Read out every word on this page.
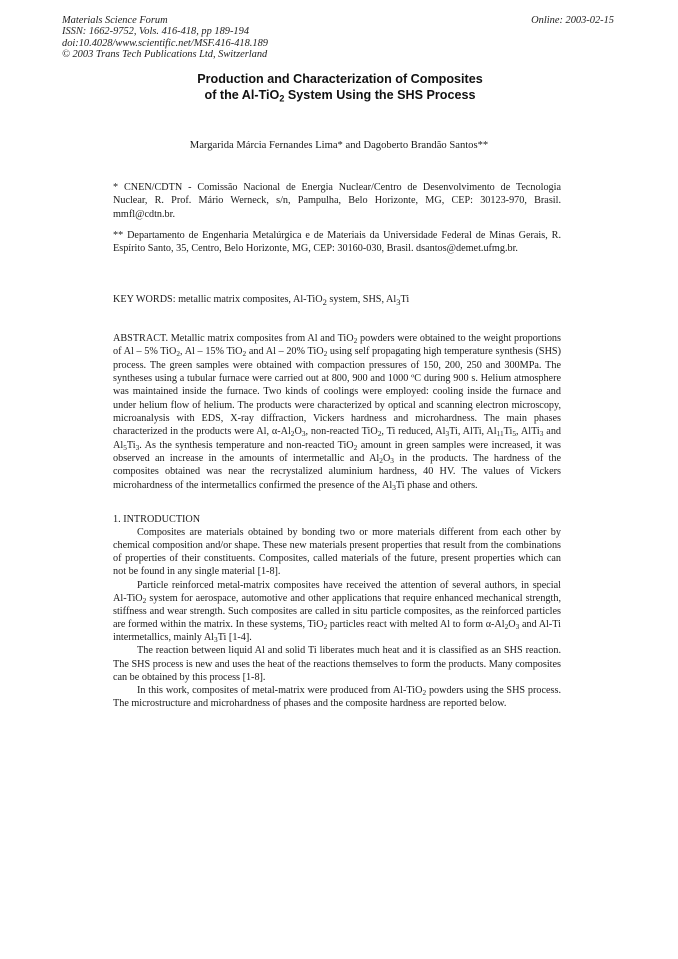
Materials Science Forum
ISSN: 1662-9752, Vols. 416-418, pp 189-194
doi:10.4028/www.scientific.net/MSF.416-418.189
© 2003 Trans Tech Publications Ltd, Switzerland
Online: 2003-02-15
Production and Characterization of Composites
of the Al-TiO$_2$ System Using the SHS Process
Margarida Márcia Fernandes Lima* and Dagoberto Brandão Santos**
* CNEN/CDTN - Comissão Nacional de Energia Nuclear/Centro de Desenvolvimento de Tecnologia Nuclear, R. Prof. Mário Werneck, s/n, Pampulha, Belo Horizonte, MG, CEP: 30123-970, Brasil. mmfl@cdtn.br.
** Departamento de Engenharia Metalúrgica e de Materiais da Universidade Federal de Minas Gerais, R. Espírito Santo, 35, Centro, Belo Horizonte, MG, CEP: 30160-030, Brasil. dsantos@demet.ufmg.br.
KEY WORDS: metallic matrix composites, Al-TiO$_2$ system, SHS, $Al_3Ti$

ABSTRACT. Metallic matrix composites from Al and TiO$_2$ powders were obtained to the weight proportions of Al – 5% TiO$_2$, Al – 15% TiO$_2$ and Al – 20% TiO$_2$ using self propagating high temperature synthesis (SHS) process. The green samples were obtained with compaction pressures of 150, 200, 250 and 300MPa. The syntheses using a tubular furnace were carried out at 800, 900 and 1000 ºC during 900 s. Helium atmosphere was maintained inside the furnace. Two kinds of coolings were employed: cooling inside the furnace and under helium flow of helium. The products were characterized by optical and scanning electron microscopy, microanalysis with EDS, X-ray diffraction, Vickers hardness and microhardness. The main phases characterized in the products were Al, $\alpha-Al_2O_3$, non-reacted TiO$_2$, Ti reduced, $Al_3Ti$, AlTi, $Al_{11}Ti_5$, AlTi$_3$ and $Al_5Ti_3$. As the synthesis temperature and non-reacted TiO$_2$ amount in green samples were increased, it was observed an increase in the amounts of intermetallic and $Al_2O_3$ in the products. The hardness of the composites obtained was near the recrystalized aluminium hardness, 40 HV. The values of Vickers microhardness of the intermetallics confirmed the presence of the $Al_3Ti$ phase and others.

1. INTRODUCTION

Composites are materials obtained by bonding two or more materials different from each other by chemical composition and/or shape. These new materials present properties that result from the combinations of properties of their constituents. Composites, called materials of the future, present properties which can not be found in any single material [1-8].

Particle reinforced metal-matrix composites have received the attention of several authors, in special Al-TiO$_2$ system for aerospace, automotive and other applications that require enhanced mechanical strength, stiffness and wear strength. Such composites are called in situ particle composites, as the reinforced particles are formed within the matrix. In these systems, TiO$_2$ particles react with melted Al to form $\alpha-Al_2O_3$ and Al-Ti intermetallics, mainly $Al_3Ti$ [1-4].

The reaction between liquid Al and solid Ti liberates much heat and it is classified as an SHS reaction. The SHS process is new and uses the heat of the reactions themselves to form the products. Many composites can be obtained by this process [1-8].

In this work, composites of metal-matrix were produced from Al-TiO$_2$ powders using the SHS process. The microstructure and microhardness of phases and the composite hardness are reported below.
